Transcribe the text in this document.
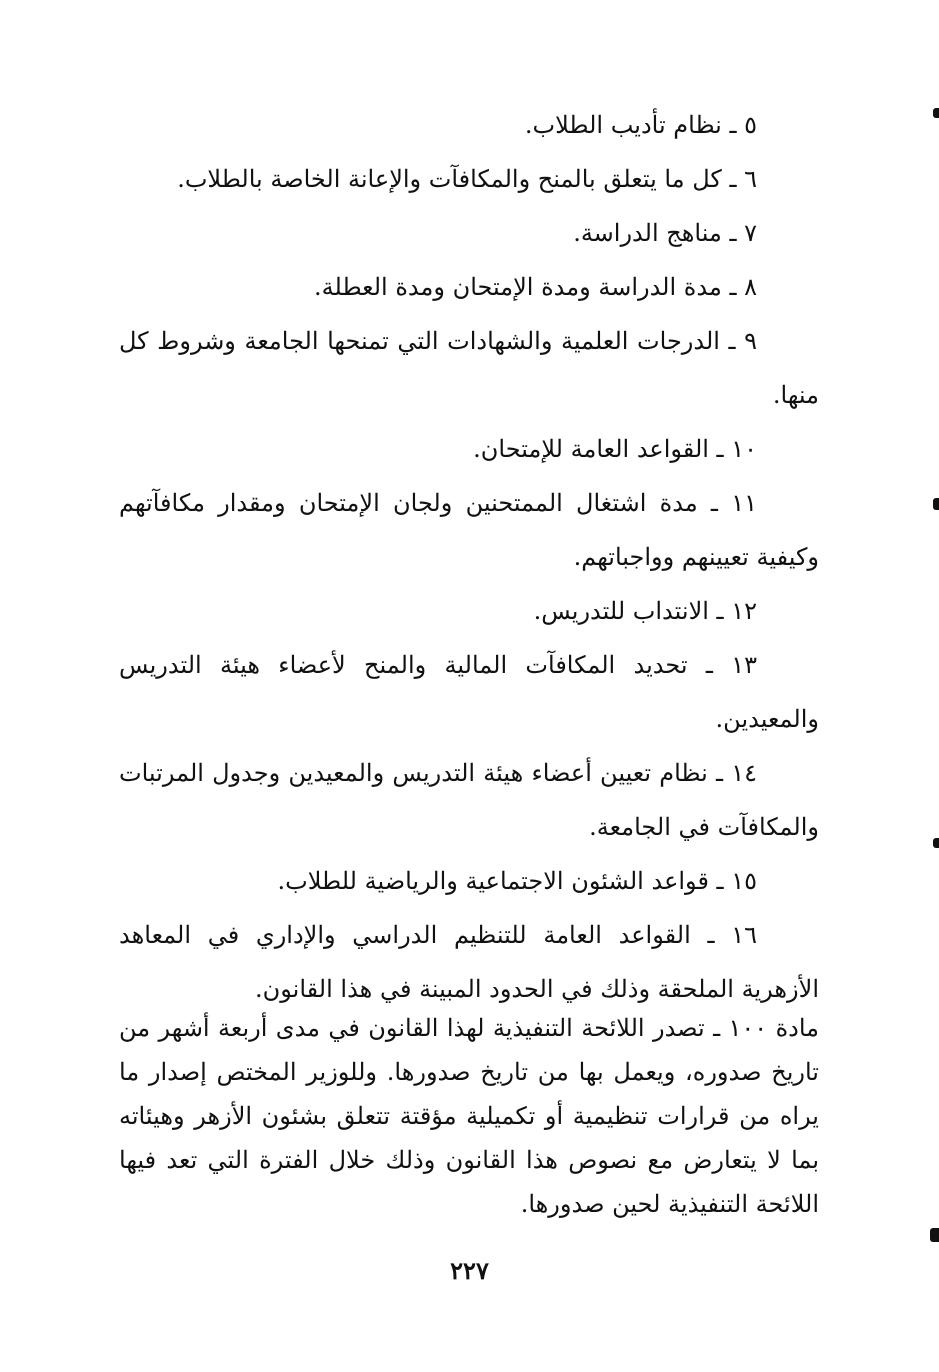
٥ ـ نظام تأديب الطلاب.

٦ ـ كل ما يتعلق بالمنح والمكافآت والإعانة الخاصة بالطلاب.

٧ ـ مناهج الدراسة.

٨ ـ مدة الدراسة ومدة الإمتحان ومدة العطلة.

٩ ـ الدرجات العلمية والشهادات التي تمنحها الجامعة وشروط كل منها.

١٠ ـ القواعد العامة للإمتحان.

١١ ـ مدة اشتغال الممتحنين ولجان الإمتحان ومقدار مكافآتهم وكيفية تعيينهم وواجباتهم.

١٢ ـ الانتداب للتدريس.

١٣ ـ تحديد المكافآت المالية والمنح لأعضاء هيئة التدريس والمعيدين.

١٤ ـ نظام تعيين أعضاء هيئة التدريس والمعيدين وجدول المرتبات والمكافآت في الجامعة.

١٥ ـ قواعد الشئون الاجتماعية والرياضية للطلاب.

١٦ ـ القواعد العامة للتنظيم الدراسي والإداري في المعاهد الأزهرية الملحقة وذلك في الحدود المبينة في هذا القانون.

مادة ١٠٠ ـ تصدر اللائحة التنفيذية لهذا القانون في مدى أربعة أشهر من تاريخ صدوره، ويعمل بها من تاريخ صدورها. وللوزير المختص إصدار ما يراه من قرارات تنظيمية أو تكميلية مؤقتة تتعلق بشئون الأزهر وهيئاته بما لا يتعارض مع نصوص هذا القانون وذلك خلال الفترة التي تعد فيها اللائحة التنفيذية لحين صدورها.

٢٢٧
